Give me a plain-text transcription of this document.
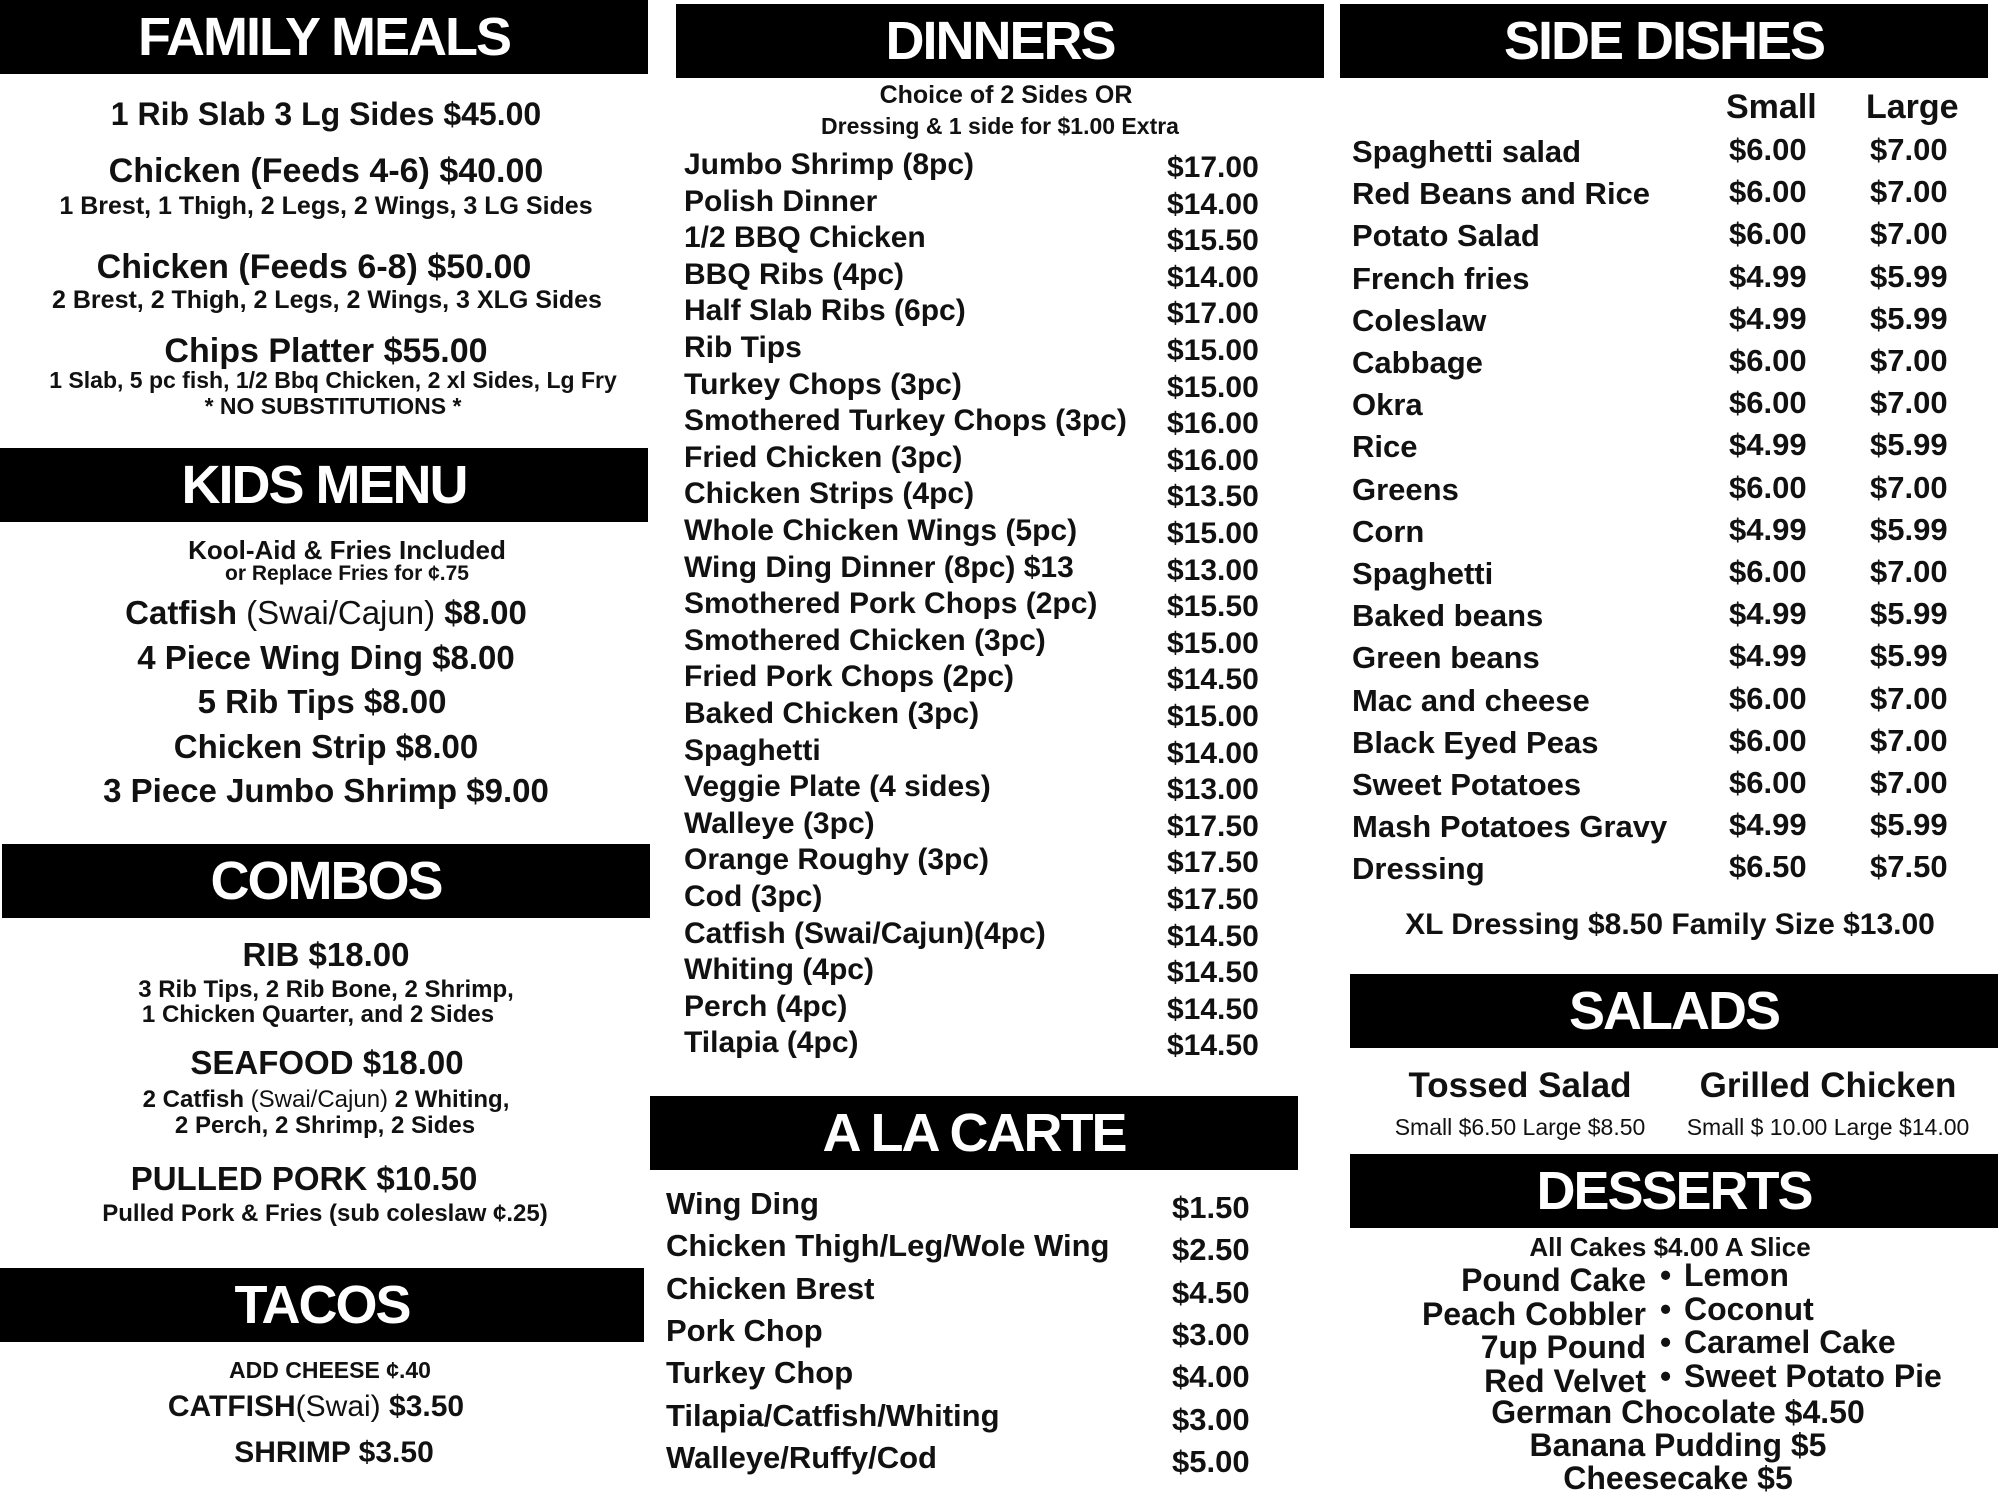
FAMILY MEALS
1 Rib Slab 3 Lg Sides $45.00
Chicken (Feeds 4-6) $40.00
1 Brest, 1 Thigh, 2 Legs, 2 Wings, 3 LG Sides
Chicken (Feeds 6-8) $50.00
2 Brest, 2 Thigh, 2 Legs, 2 Wings, 3 XLG Sides
Chips Platter $55.00
1 Slab, 5 pc fish, 1/2 Bbq Chicken, 2 xl Sides, Lg Fry
* NO SUBSTITUTIONS *
KIDS MENU
Kool-Aid & Fries Included
or Replace Fries for ¢.75
Catfish (Swai/Cajun) $8.00
4 Piece Wing Ding $8.00
5 Rib Tips $8.00
Chicken Strip $8.00
3 Piece Jumbo Shrimp $9.00
COMBOS
RIB $18.00
3 Rib Tips, 2 Rib Bone, 2 Shrimp,
1 Chicken Quarter, and 2 Sides
SEAFOOD $18.00
2 Catfish (Swai/Cajun) 2 Whiting,
2 Perch, 2 Shrimp, 2 Sides
PULLED PORK $10.50
Pulled Pork & Fries (sub coleslaw ¢.25)
TACOS
ADD CHEESE ¢.40
CATFISH(Swai) $3.50
SHRIMP $3.50
DINNERS
Choice of 2 Sides OR
Dressing & 1 side for $1.00 Extra
Jumbo Shrimp (8pc)	$17.00
Polish Dinner	$14.00
1/2 BBQ Chicken	$15.50
BBQ Ribs (4pc)	$14.00
Half Slab Ribs (6pc)	$17.00
Rib Tips	$15.00
Turkey Chops (3pc)	$15.00
Smothered Turkey Chops (3pc) $16.00
Fried Chicken (3pc)	$16.00
Chicken Strips (4pc)	$13.50
Whole Chicken Wings (5pc)	$15.00
Wing Ding Dinner (8pc) $13	$13.00
Smothered Pork Chops (2pc) $15.50
Smothered Chicken (3pc)	$15.00
Fried Pork Chops (2pc)	$14.50
Baked Chicken (3pc)	$15.00
Spaghetti	$14.00
Veggie Plate (4 sides)	$13.00
Walleye (3pc)	$17.50
Orange Roughy (3pc)	$17.50
Cod (3pc)	$17.50
Catfish (Swai/Cajun)(4pc)	$14.50
Whiting (4pc)	$14.50
Perch (4pc)	$14.50
Tilapia (4pc)	$14.50
A LA CARTE
Wing Ding	$1.50
Chicken Thigh/Leg/Wole Wing $2.50
Chicken Brest	$4.50
Pork Chop	$3.00
Turkey Chop	$4.00
Tilapia/Catfish/Whiting	$3.00
Walleye/Ruffy/Cod	$5.00
SIDE DISHES
Small Large
Spaghetti salad	$6.00 $7.00
Red Beans and Rice	$6.00 $7.00
Potato Salad	$6.00 $7.00
French fries	$4.99 $5.99
Coleslaw	$4.99 $5.99
Cabbage	$6.00 $7.00
Okra	$6.00 $7.00
Rice	$4.99 $5.99
Greens	$6.00 $7.00
Corn	$4.99 $5.99
Spaghetti	$6.00 $7.00
Baked beans	$4.99 $5.99
Green beans	$4.99 $5.99
Mac and cheese	$6.00 $7.00
Black Eyed Peas	$6.00 $7.00
Sweet Potatoes	$6.00 $7.00
Mash Potatoes Gravy $4.99 $5.99
Dressing	$6.50 $7.50
XL Dressing $8.50 Family Size $13.00
SALADS
Tossed Salad
Small $6.50 Large $8.50
Grilled Chicken
Small $ 10.00 Large $14.00
DESSERTS
All Cakes $4.00 A Slice
Pound Cake
Peach Cobbler
7up Pound
Red Velvet
• Lemon
• Coconut
• Caramel Cake
• Sweet Potato Pie
German Chocolate $4.50
Banana Pudding $5
Cheesecake $5
